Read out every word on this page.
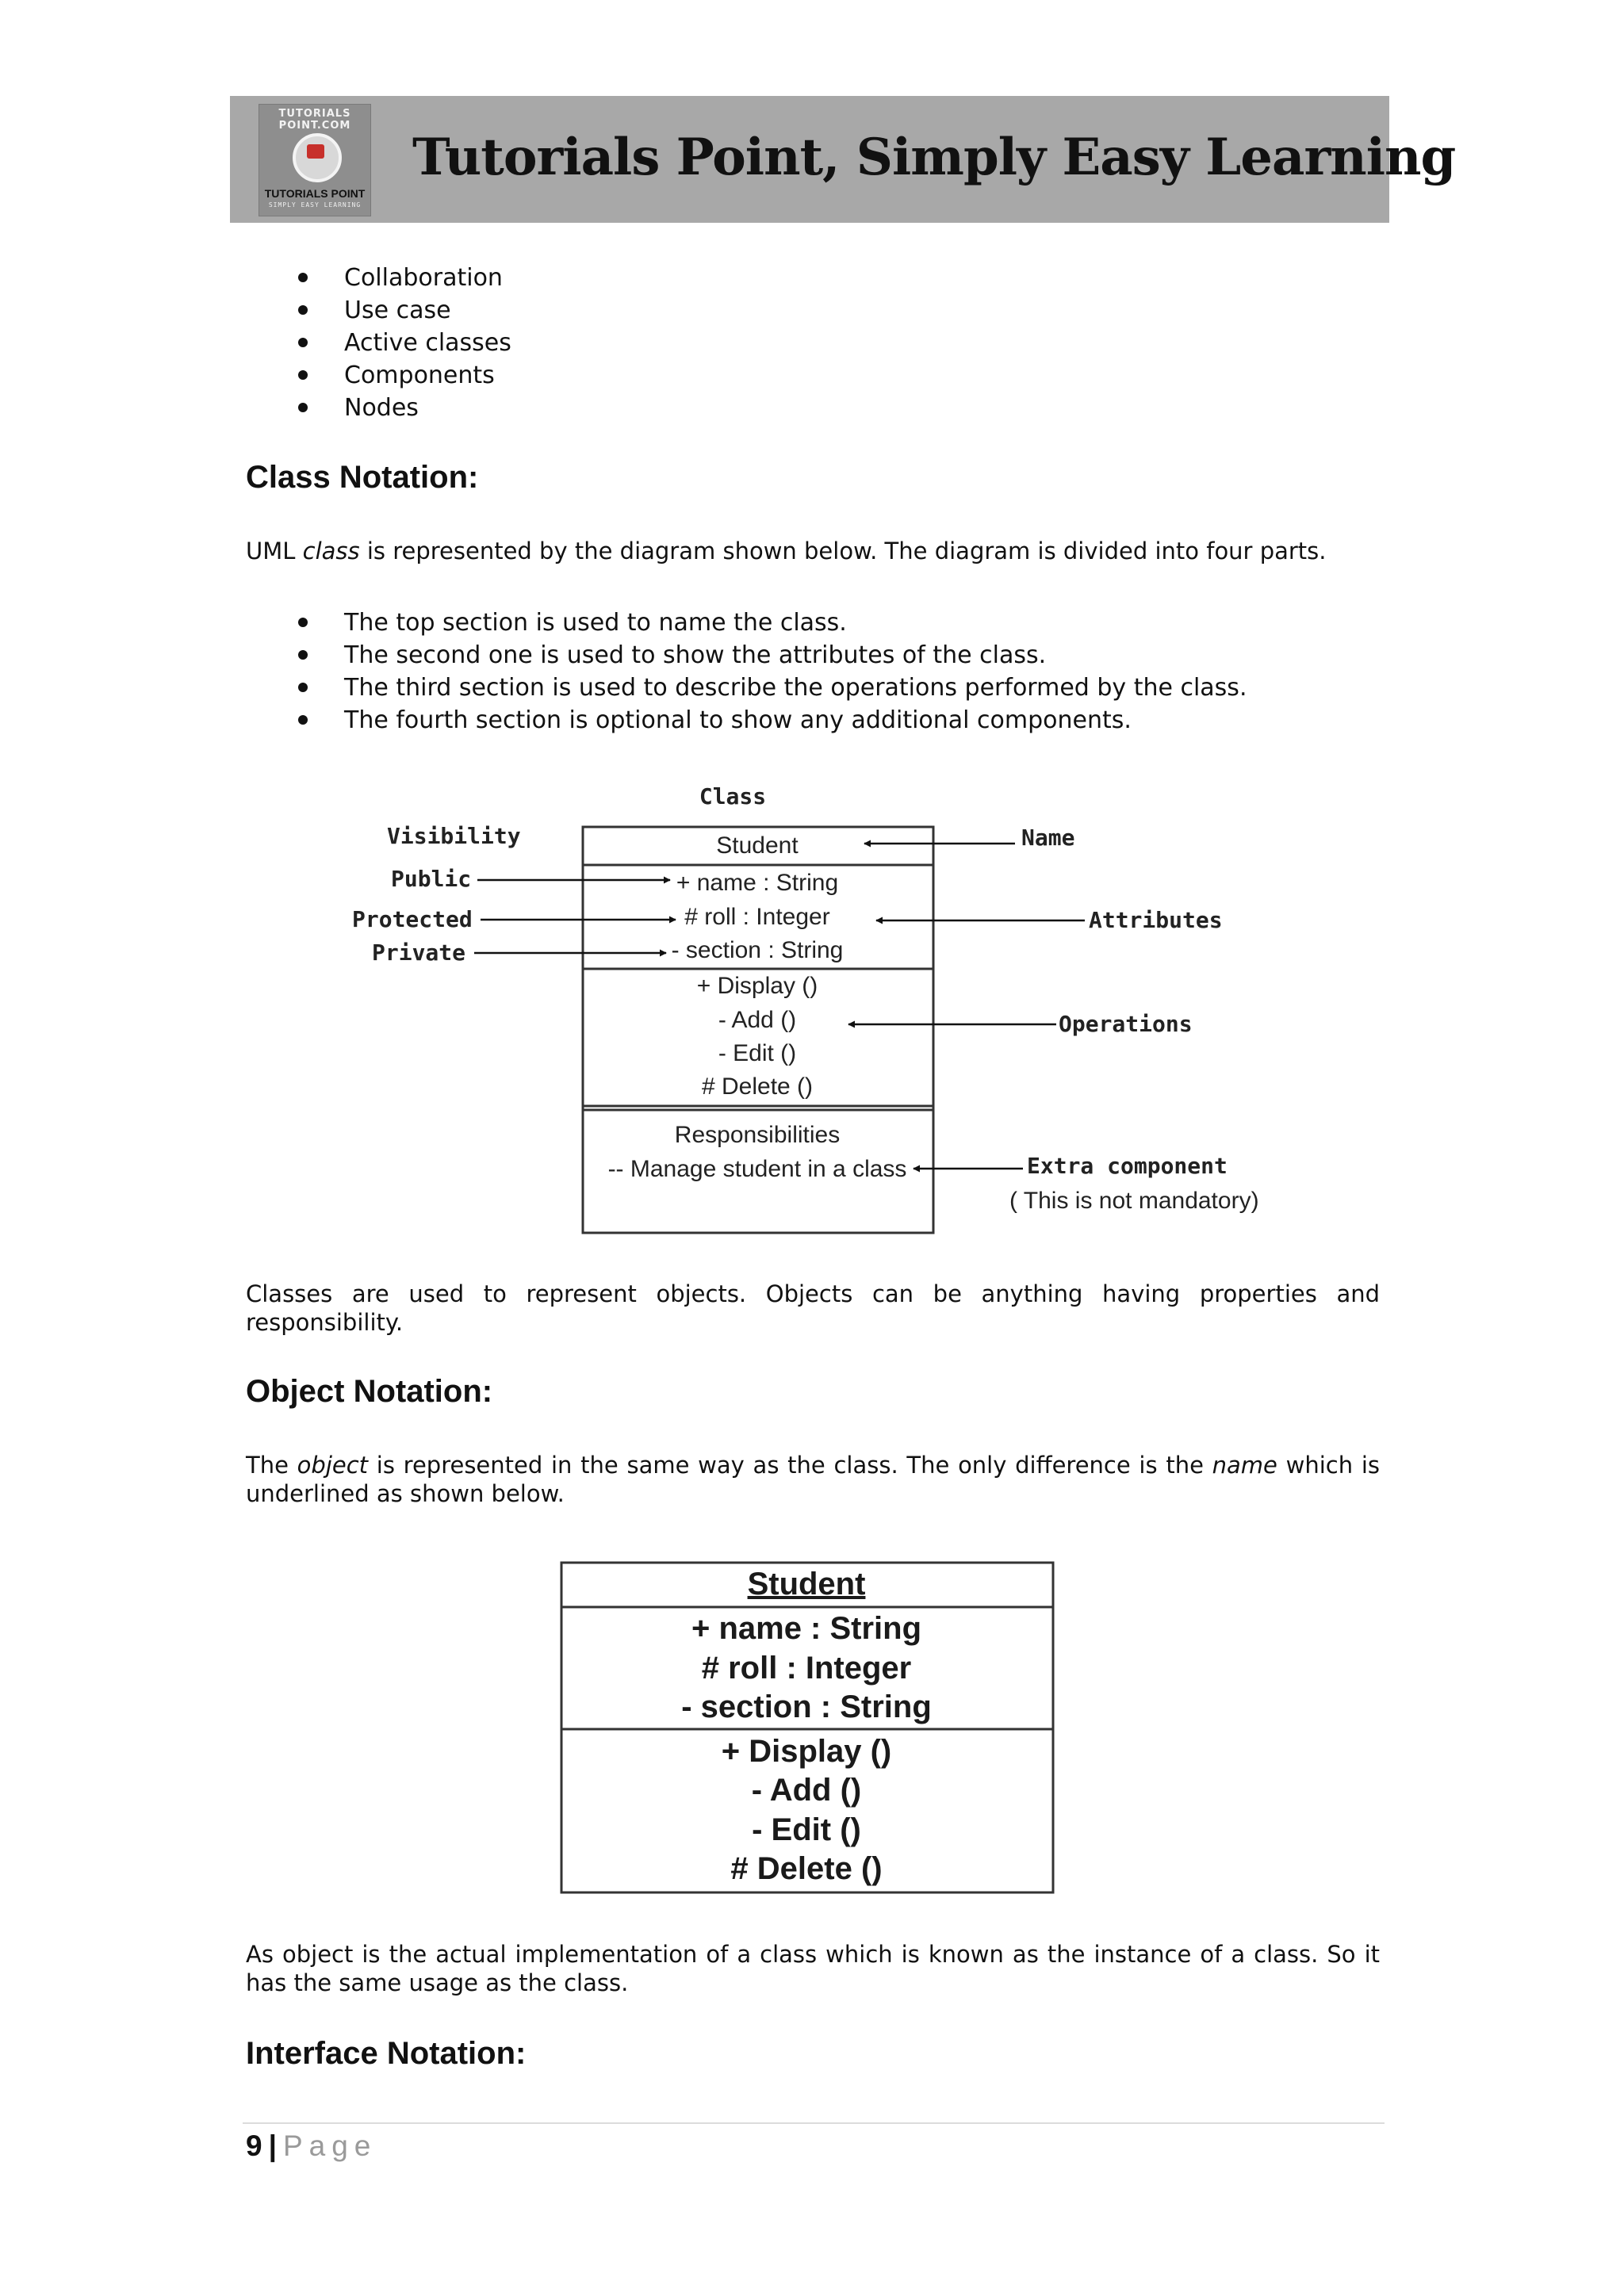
TUTORIALS POINT.COM
TUTORIALS POINT
SIMPLY EASY LEARNING
Tutorials Point, Simply Easy Learning
Collaboration
Use case
Active classes
Components
Nodes
Class Notation:

UML class is represented by the diagram shown below. The diagram is divided into four parts.

The top section is used to name the class.
The second one is used to show the attributes of the class.
The third section is used to describe the operations performed by the class.
The fourth section is optional to show any additional components.
Class
Student
+ name : String
# roll : Integer
- section : String
+ Display ()
- Add ()
- Edit ()
# Delete ()
Responsibilities
-- Manage student in a class
Visibility
Public
Protected
Private
Name
Attributes
Operations
Extra component
( This is not mandatory)

Classes are used to represent objects. Objects can be anything having properties and responsibility.

Object Notation:

The object is represented in the same way as the class. The only difference is the name which is underlined as shown below.

Student
+ name : String
# roll : Integer
- section : String
+ Display ()
- Add ()
- Edit ()
# Delete ()

As object is the actual implementation of a class which is known as the instance of a class. So it has the same usage as the class.

Interface Notation:
9 | Page
